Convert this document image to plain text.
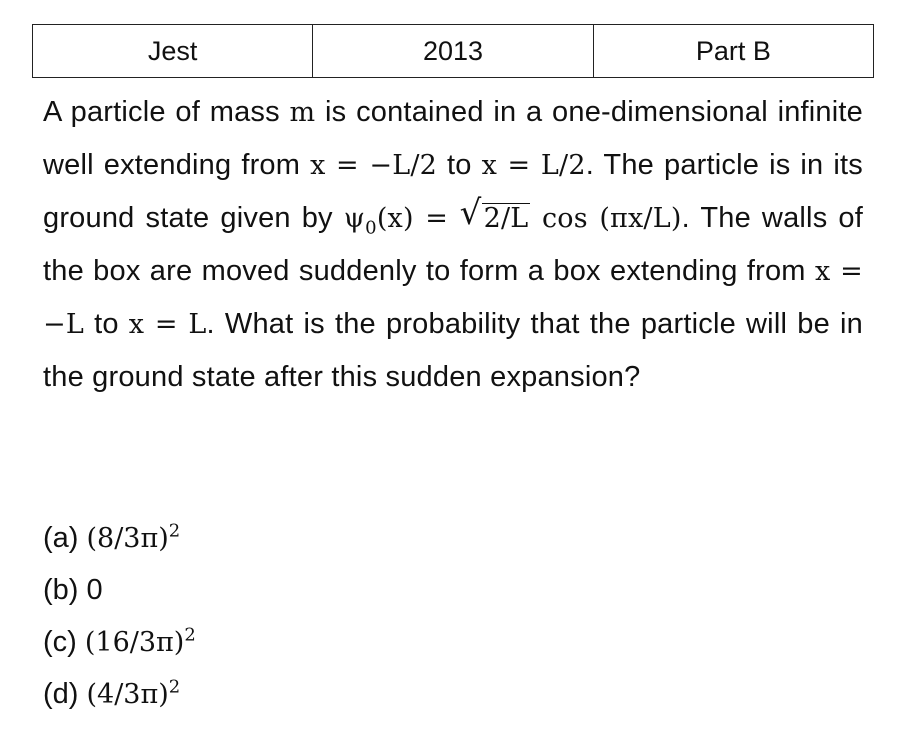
Jest	2013	Part B
A particle of mass m is contained in a one-dimensional infinite well extending from x = −L/2 to x = L/2. The particle is in its ground state given by $\psi_0(x)$ = √ 2/L cos (πx/L). The walls of the box are moved suddenly to form a box extending from x = −L to x = L. What is the probability that the particle will be in the ground state after this sudden expansion?
(a) $(8/3\pi)^2$
(b) 0
(c) $(16/3\pi)^2$
(d) $(4/3\pi)^2$
